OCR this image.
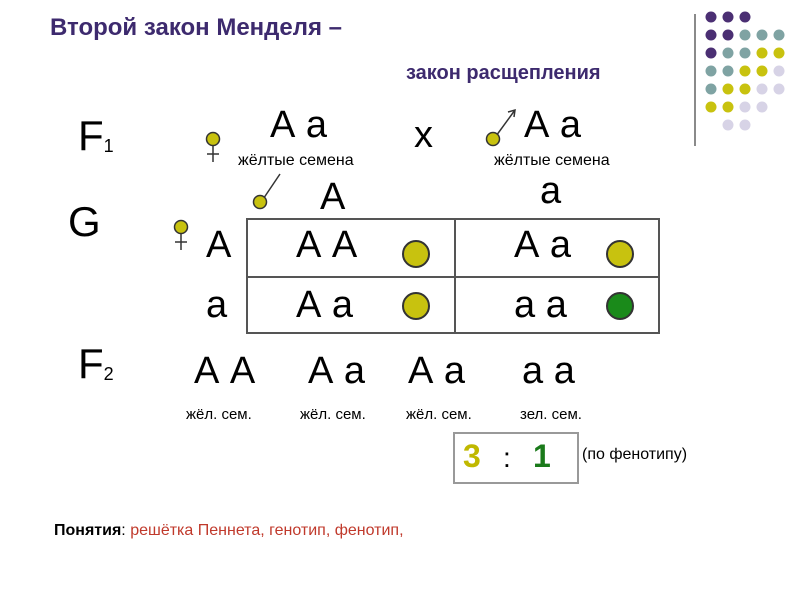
Второй закон Менделя –
закон расщепления
$F_1$
G
$F_2$
А а х А а
жёлтые семена	жёлтые семена
А	а
А
а
А А	А а
А а	а а
А А А а А а а а
жёл. сем.	жёл. сем.	жёл. сем.	зел. сем.
3 : 1 (по фенотипу)
Понятия: решётка Пеннета, генотип, фенотип,
